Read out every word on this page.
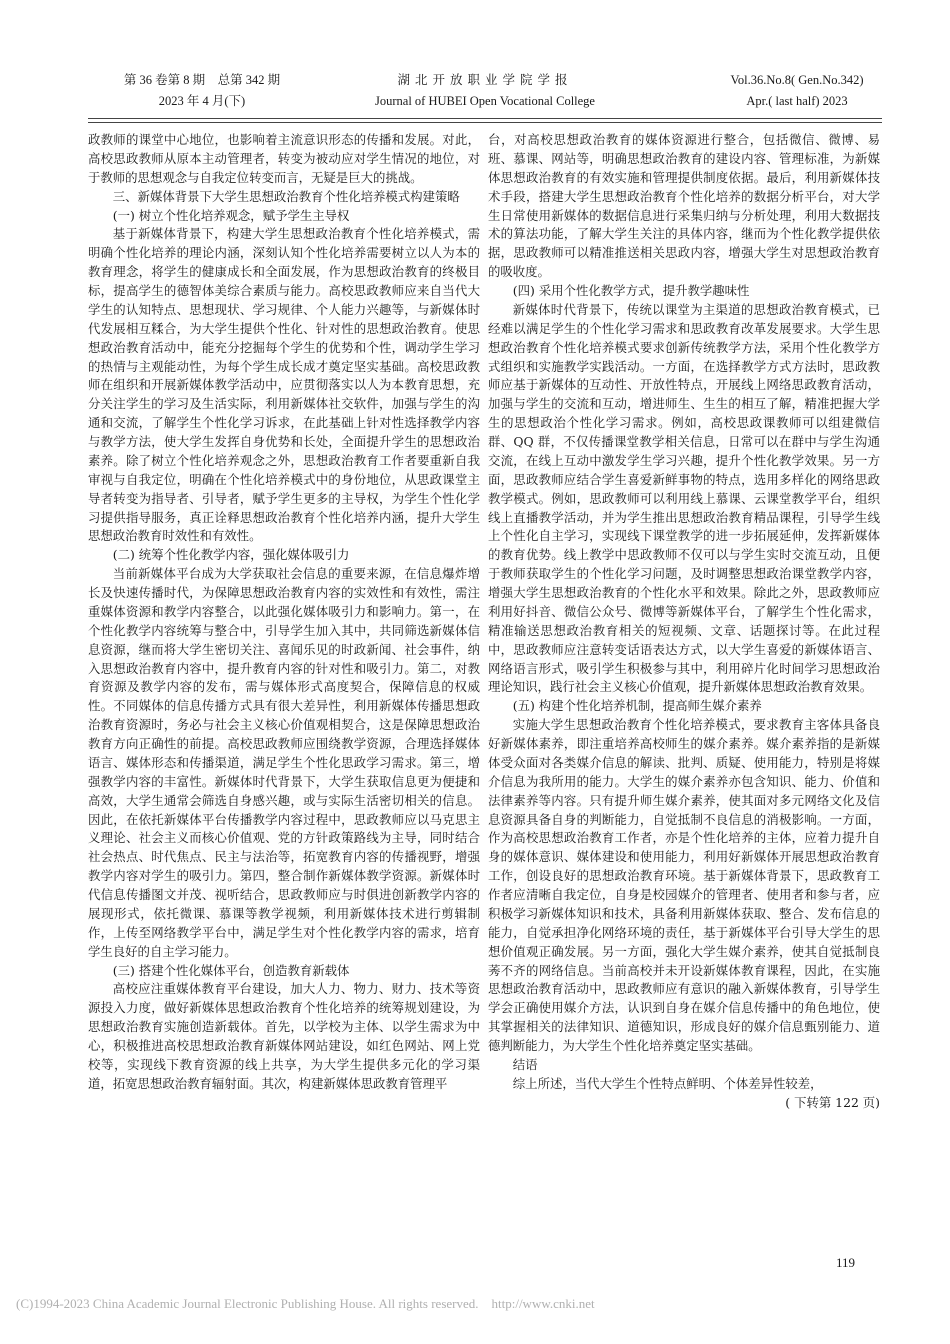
第 36 卷第 8 期　总第 342 期
2023 年 4 月(下)
湖北开放职业学院学报
Journal of HUBEI Open Vocational College
Vol.36.No.8( Gen.No.342)
Apr.( last half) 2023

政教师的课堂中心地位，也影响着主流意识形态的传播和发展。对此，高校思政教师从原本主动管理者，转变为被动应对学生情况的地位，对于教师的思想观念与自我定位转变而言，无疑是巨大的挑战。

三、新媒体背景下大学生思想政治教育个性化培养模式构建策略

(一) 树立个性化培养观念，赋予学生主导权

基于新媒体背景下，构建大学生思想政治教育个性化培养模式，需明确个性化培养的理论内涵，深刻认知个性化培养需要树立以人为本的教育理念，将学生的健康成长和全面发展，作为思想政治教育的终极目标，提高学生的德智体美综合素质与能力。高校思政教师应来自当代大学生的认知特点、思想现状、学习规律、个人能力兴趣等，与新媒体时代发展相互糅合，为大学生提供个性化、针对性的思想政治教育。使思想政治教育活动中，能充分挖掘每个学生的优势和个性，调动学生学习的热情与主观能动性，为每个学生成长成才奠定坚实基础。高校思政教师在组织和开展新媒体教学活动中，应贯彻落实以人为本教育思想，充分关注学生的学习及生活实际，利用新媒体社交软件，加强与学生的沟通和交流，了解学生个性化学习诉求，在此基础上针对性选择教学内容与教学方法，使大学生发挥自身优势和长处，全面提升学生的思想政治素养。除了树立个性化培养观念之外，思想政治教育工作者要重新自我审视与自我定位，明确在个性化培养模式中的身份地位，从思政课堂主导者转变为指导者、引导者，赋予学生更多的主导权，为学生个性化学习提供指导服务，真正诠释思想政治教育个性化培养内涵，提升大学生思想政治教育时效性和有效性。

(二) 统筹个性化教学内容，强化媒体吸引力

当前新媒体平台成为大学获取社会信息的重要来源，在信息爆炸增长及快速传播时代，为保障思想政治教育内容的实效性和有效性，需注重媒体资源和教学内容整合，以此强化媒体吸引力和影响力。第一，在个性化教学内容统筹与整合中，引导学生加入其中，共同筛选新媒体信息资源，继而将大学生密切关注、喜闻乐见的时政新闻、社会事件，纳入思想政治教育内容中，提升教育内容的针对性和吸引力。第二，对教育资源及教学内容的发布，需与媒体形式高度契合，保障信息的权威性。不同媒体的信息传播方式具有很大差异性，利用新媒体传播思想政治教育资源时，务必与社会主义核心价值观相契合，这是保障思想政治教育方向正确性的前提。高校思政教师应围绕教学资源，合理选择媒体语言、媒体形态和传播渠道，满足学生个性化思政学习需求。第三，增强教学内容的丰富性。新媒体时代背景下，大学生获取信息更为便捷和高效，大学生通常会筛选自身感兴趣，或与实际生活密切相关的信息。因此，在依托新媒体平台传播教学内容过程中，思政教师应以马克思主义理论、社会主义而核心价值观、党的方针政策路线为主导，同时结合社会热点、时代焦点、民主与法治等，拓宽教育内容的传播视野，增强教学内容对学生的吸引力。第四，整合制作新媒体教学资源。新媒体时代信息传播图文并茂、视听结合，思政教师应与时俱进创新教学内容的展现形式，依托微课、慕课等教学视频，利用新媒体技术进行剪辑制作，上传至网络教学平台中，满足学生对个性化教学内容的需求，培育学生良好的自主学习能力。

(三) 搭建个性化媒体平台，创造教育新载体

高校应注重媒体教育平台建设，加大人力、物力、财力、技术等资源投入力度，做好新媒体思想政治教育个性化培养的统筹规划建设，为思想政治教育实施创造新载体。首先，以学校为主体、以学生需求为中心，积极推进高校思想政治教育新媒体网站建设，如红色网站、网上党校等，实现线下教育资源的线上共享，为大学生提供多元化的学习渠道，拓宽思想政治教育辐射面。其次，构建新媒体思政教育管理平

台，对高校思想政治教育的媒体资源进行整合，包括微信、微博、易班、慕课、网站等，明确思想政治教育的建设内容、管理标准，为新媒体思想政治教育的有效实施和管理提供制度依据。最后，利用新媒体技术手段，搭建大学生思想政治教育个性化培养的数据分析平台，对大学生日常使用新媒体的数据信息进行采集归纳与分析处理，利用大数据技术的算法功能，了解大学生关注的具体内容，继而为个性化教学提供依据，思政教师可以精准推送相关思政内容，增强大学生对思想政治教育的吸收度。

(四) 采用个性化教学方式，提升教学趣味性

新媒体时代背景下，传统以课堂为主渠道的思想政治教育模式，已经难以满足学生的个性化学习需求和思政教育改革发展要求。大学生思想政治教育个性化培养模式要求创新传统教学方法，采用个性化教学方式组织和实施教学实践活动。一方面，在选择教学方式方法时，思政教师应基于新媒体的互动性、开放性特点，开展线上网络思政教育活动，加强与学生的交流和互动，增进师生、生生的相互了解，精准把握大学生的思想政治个性化学习需求。例如，高校思政课教师可以组建微信群、QQ 群，不仅传播课堂教学相关信息，日常可以在群中与学生沟通交流，在线上互动中激发学生学习兴趣，提升个性化教学效果。另一方面，思政教师应结合学生喜爱新鲜事物的特点，选用多样化的网络思政教学模式。例如，思政教师可以利用线上慕课、云课堂教学平台，组织线上直播教学活动，并为学生推出思想政治教育精品课程，引导学生线上个性化自主学习，实现线下课堂教学的进一步拓展延伸，发挥新媒体的教育优势。线上教学中思政教师不仅可以与学生实时交流互动，且便于教师获取学生的个性化学习问题，及时调整思想政治课堂教学内容，增强大学生思想政治教育的个性化水平和效果。除此之外，思政教师应利用好抖音、微信公众号、微博等新媒体平台，了解学生个性化需求，精准输送思想政治教育相关的短视频、文章、话题探讨等。在此过程中，思政教师应注意转变话语表达方式，以大学生喜爱的新媒体语言、网络语言形式，吸引学生积极参与其中，利用碎片化时间学习思想政治理论知识，践行社会主义核心价值观，提升新媒体思想政治教育效果。

(五) 构建个性化培养机制，提高师生媒介素养

实施大学生思想政治教育个性化培养模式，要求教育主客体具备良好新媒体素养，即注重培养高校师生的媒介素养。媒介素养指的是新媒体受众面对各类媒介信息的解读、批判、质疑、使用能力，特别是将媒介信息为我所用的能力。大学生的媒介素养亦包含知识、能力、价值和法律素养等内容。只有提升师生媒介素养，使其面对多元网络文化及信息资源具备自身的判断能力，自觉抵制不良信息的消极影响。一方面，作为高校思想政治教育工作者，亦是个性化培养的主体，应着力提升自身的媒体意识、媒体建设和使用能力，利用好新媒体开展思想政治教育工作，创设良好的思想政治教育环境。基于新媒体背景下，思政教育工作者应清晰自我定位，自身是校园媒介的管理者、使用者和参与者，应积极学习新媒体知识和技术，具备利用新媒体获取、整合、发布信息的能力，自觉承担净化网络环境的责任，基于新媒体平台引导大学生的思想价值观正确发展。另一方面，强化大学生媒介素养，使其自觉抵制良莠不齐的网络信息。当前高校并未开设新媒体教育课程，因此，在实施思想政治教育活动中，思政教师应有意识的融入新媒体教育，引导学生学会正确使用媒介方法，认识到自身在媒介信息传播中的角色地位，使其掌握相关的法律知识、道德知识，形成良好的媒介信息甄别能力、道德判断能力，为大学生个性化培养奠定坚实基础。

结语

综上所述，当代大学生个性特点鲜明、个体差异性较差，

( 下转第 122 页)

119
(C)1994-2023 China Academic Journal Electronic Publishing House. All rights reserved.    http://www.cnki.net
